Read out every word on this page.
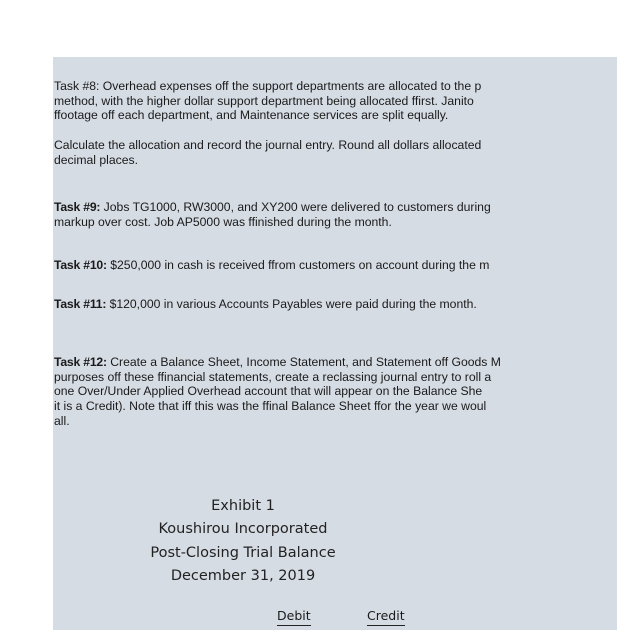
Task #8: Overhead expenses off the support departments are allocated to the p
method, with the higher dollar support department being allocated ffirst. Janito
ffootage off each department, and Maintenance services are split equally.
Calculate the allocation and record the journal entry. Round all dollars allocated
decimal places.
Task #9: Jobs TG1000, RW3000, and XY200 were delivered to customers during
markup over cost. Job AP5000 was ffinished during the month.
Task #10: $250,000 in cash is received ffrom customers on account during the m
Task #11: $120,000 in various Accounts Payables were paid during the month.
Task #12: Create a Balance Sheet, Income Statement, and Statement off Goods M
purposes off these ffinancial statements, create a reclassing journal entry to roll a
one Over/Under Applied Overhead account that will appear on the Balance She
it is a Credit). Note that iff this was the ffinal Balance Sheet ffor the year we woul
all.
Exhibit 1
Koushirou Incorporated
Post-Closing Trial Balance
December 31, 2019
Debit	Credit
